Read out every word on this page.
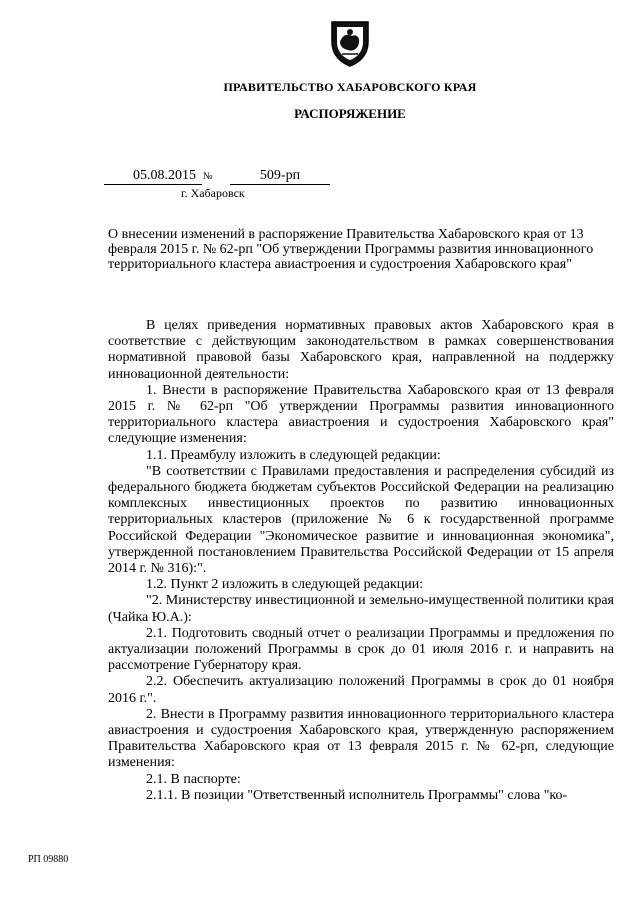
ПРАВИТЕЛЬСТВО ХАБАРОВСКОГО КРАЯ
РАСПОРЯЖЕНИЕ
05.08.2015 №	509-рп
г. Хабаровск
О внесении изменений в распоряжение Правительства Хабаровского края от 13 февраля 2015 г. № 62-рп "Об утверждении Программы развития инновационного территориального кластера авиастроения и судостроения Хабаровского края"

В целях приведения нормативных правовых актов Хабаровского края в соответствие с действующим законодательством в рамках совершенствования нормативной правовой базы Хабаровского края, направленной на поддержку инновационной деятельности:

1. Внести в распоряжение Правительства Хабаровского края от 13 февраля 2015 г. № 62-рп "Об утверждении Программы развития инновационного территориального кластера авиастроения и судостроения Хабаровского края" следующие изменения:

1.1. Преамбулу изложить в следующей редакции:

"В соответствии с Правилами предоставления и распределения субсидий из федерального бюджета бюджетам субъектов Российской Федерации на реализацию комплексных инвестиционных проектов по развитию инновационных территориальных кластеров (приложение № 6 к государственной программе Российской Федерации "Экономическое развитие и инновационная экономика", утвержденной постановлением Правительства Российской Федерации от 15 апреля 2014 г. № 316):".

1.2. Пункт 2 изложить в следующей редакции:

"2. Министерству инвестиционной и земельно-имущественной политики края (Чайка Ю.А.):

2.1. Подготовить сводный отчет о реализации Программы и предложения по актуализации положений Программы в срок до 01 июля 2016 г. и направить на рассмотрение Губернатору края.

2.2. Обеспечить актуализацию положений Программы в срок до 01 ноября 2016 г.".

2. Внести в Программу развития инновационного территориального кластера авиастроения и судостроения Хабаровского края, утвержденную распоряжением Правительства Хабаровского края от 13 февраля 2015 г. № 62-рп, следующие изменения:

2.1. В паспорте:

2.1.1. В позиции "Ответственный исполнитель Программы" слова "ко-

РП 09880
